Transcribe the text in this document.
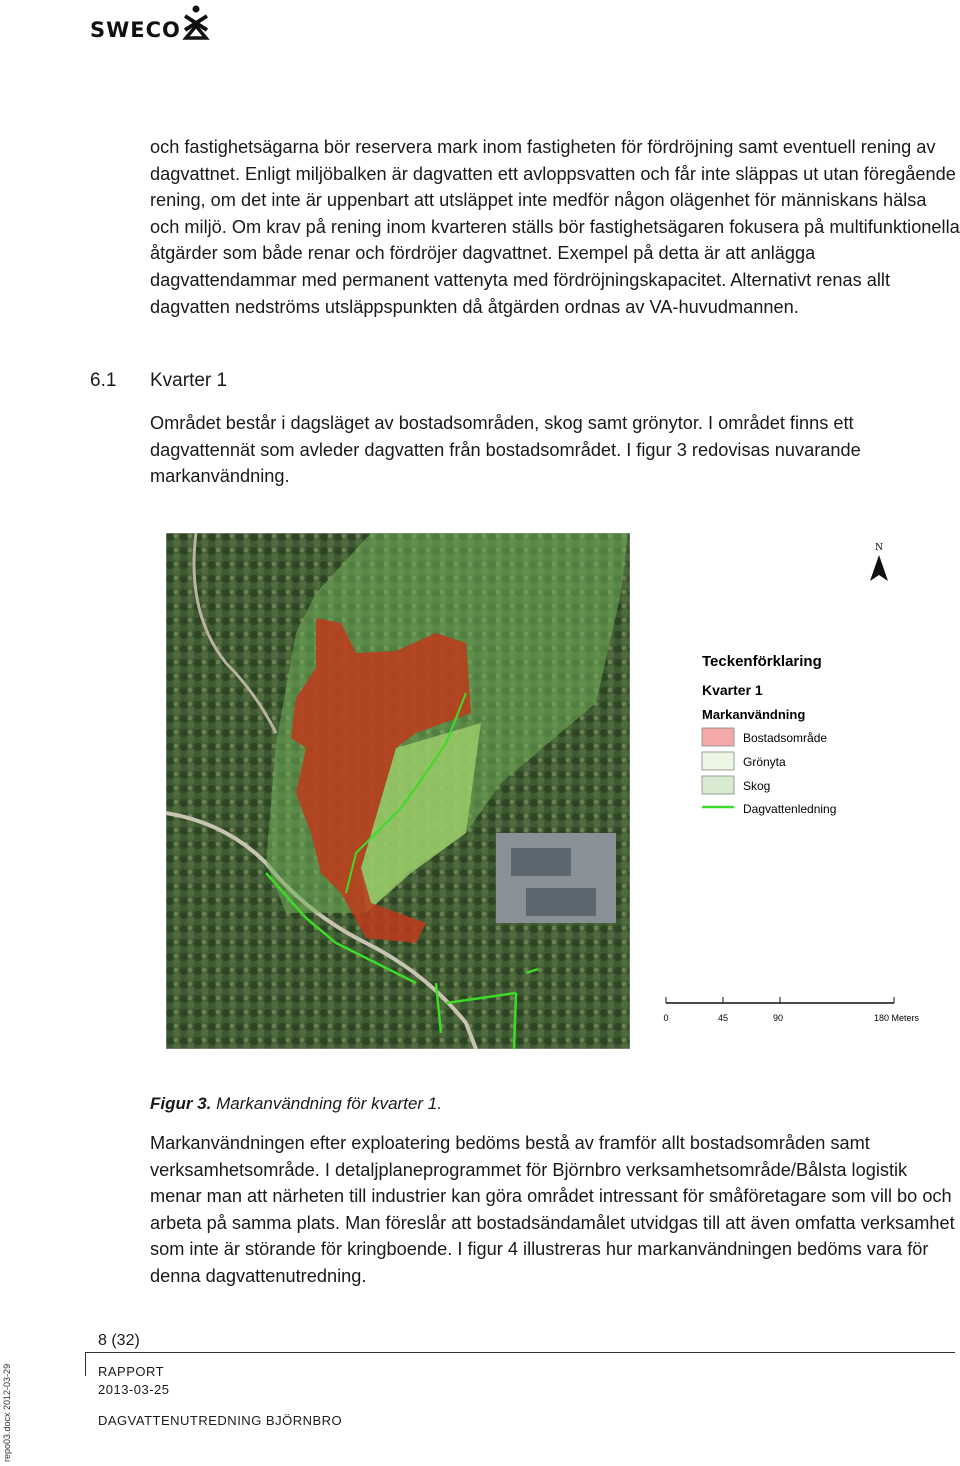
SWECO

och fastighetsägarna bör reservera mark inom fastigheten för fördröjning samt eventuell rening av dagvattnet. Enligt miljöbalken är dagvatten ett avloppsvatten och får inte släppas ut utan föregående rening, om det inte är uppenbart att utsläppet inte medför någon olägenhet för människans hälsa och miljö. Om krav på rening inom kvarteren ställs bör fastighetsägaren fokusera på multifunktionella åtgärder som både renar och fördröjer dagvattnet. Exempel på detta är att anlägga dagvattendammar med permanent vattenyta med fördröjningskapacitet. Alternativt renas allt dagvatten nedströms utsläppspunkten då åtgärden ordnas av VA-huvudmannen.

6.1 Kvarter 1

Området består i dagsläget av bostadsområden, skog samt grönytor. I området finns ett dagvattennät som avleder dagvatten från bostadsområdet. I figur 3 redovisas nuvarande markanvändning.

N
Teckenförklaring
Kvarter 1
Markanvändning
Bostadsområde
Grönyta
Skog
Dagvattenledning
0	45	90	180 Meters
Figur 3. Markanvändning för kvarter 1.

Markanvändningen efter exploatering bedöms bestå av framför allt bostadsområden samt verksamhetsområde. I detaljplaneprogrammet för Björnbro verksamhetsområde/Bålsta logistik menar man att närheten till industrier kan göra området intressant för småföretagare som vill bo och arbeta på samma plats. Man föreslår att bostadsändamålet utvidgas till att även omfatta verksamhet som inte är störande för kringboende. I figur 4 illustreras hur markanvändningen bedöms vara för denna dagvattenutredning.

8 (32)
RAPPORT
2013-03-25
DAGVATTENUTREDNING BJÖRNBRO
repo03.docx 2012-03-29
